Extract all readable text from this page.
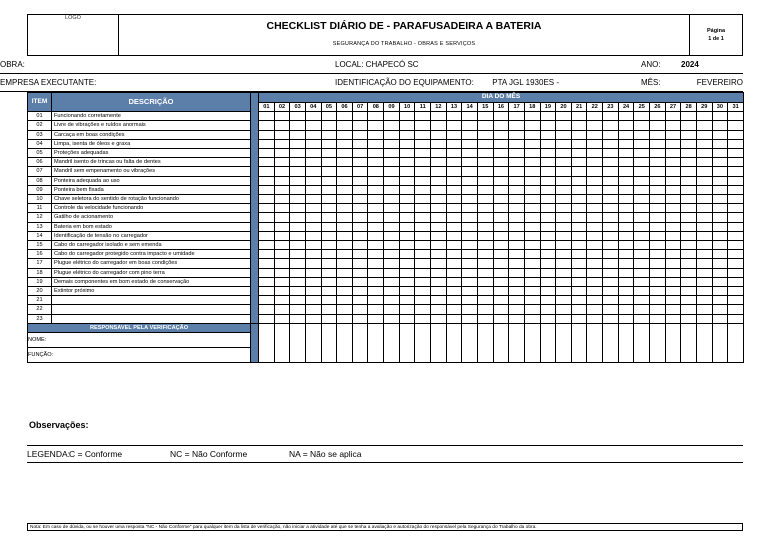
LOGO	
CHECKLIST DIÁRIO DE - PARAFUSADEIRA A BATERIA
SEGURANÇA DO TRABALHO - OBRAS E SERVIÇOS

Página
1 de 1
OBRA:	LOCAL: CHAPECÓ SC	ANO:	2024
EMPRESA EXECUTANTE:	IDENTIFICAÇÃO DO EQUIPAMENTO: PTA JGL 1930ES -	MÊS:	FEVEREIRO
ITEM	DESCRIÇÃO		DIA DO MÊS																														
			01	02	03	04	05	06	07	08	09	10	11	12	13	14	15	16	17	18	19	20	21	22	23	24	25	26	27	28	29	30	31
01	Funcionando corretamente																																
02	Livre de vibrações e ruídos anormais																																
03	Carcaça em boas condições																																
04	Limpa, isenta de óleos e graxa																																
05	Proteções adequadas																																
06	Mandril isento de trincas ou falta de dentes																																
07	Mandril sem empenamento ou vibrações																																
08	Ponteira adequada ao uso																																
09	Ponteira bem fixada																																
10	Chave seletora do sentido de rotação funcionando																																
11	Controle da velocidade funcionando																																
12	Gatilho de acionamento																																
13	Bateria em bom estado																																
14	Identificação de tensão no carregador																																
15	Cabo do carregador isolado e sem emenda																																
16	Cabo do carregador protegido contra impacto e umidade																																
17	Plugue elétrico do carregador em boas condições																																
18	Plugue elétrico do carregador com pino terra																																
19	Demais componentes em bom estado de conservação																																
20	Extintor próximo																																
21																																	
22																																	
23																																	
RESPONSAVEL PELA VERIFICAÇÃO		RUBRICA																															
NOME:																																	
FUNÇÃO:																																	
Observações:
LEGENDA: C = Conforme	NC = Não Conforme	NA = Não se aplica
Nota: Em caso de dúvida, ou se houver uma resposta "NC - Não Conforme" para qualquer item da lista de verificação, não iniciar a atividade até que se tenha a avaliação e autorização do responsável pela Segurança do Trabalho da obra.
